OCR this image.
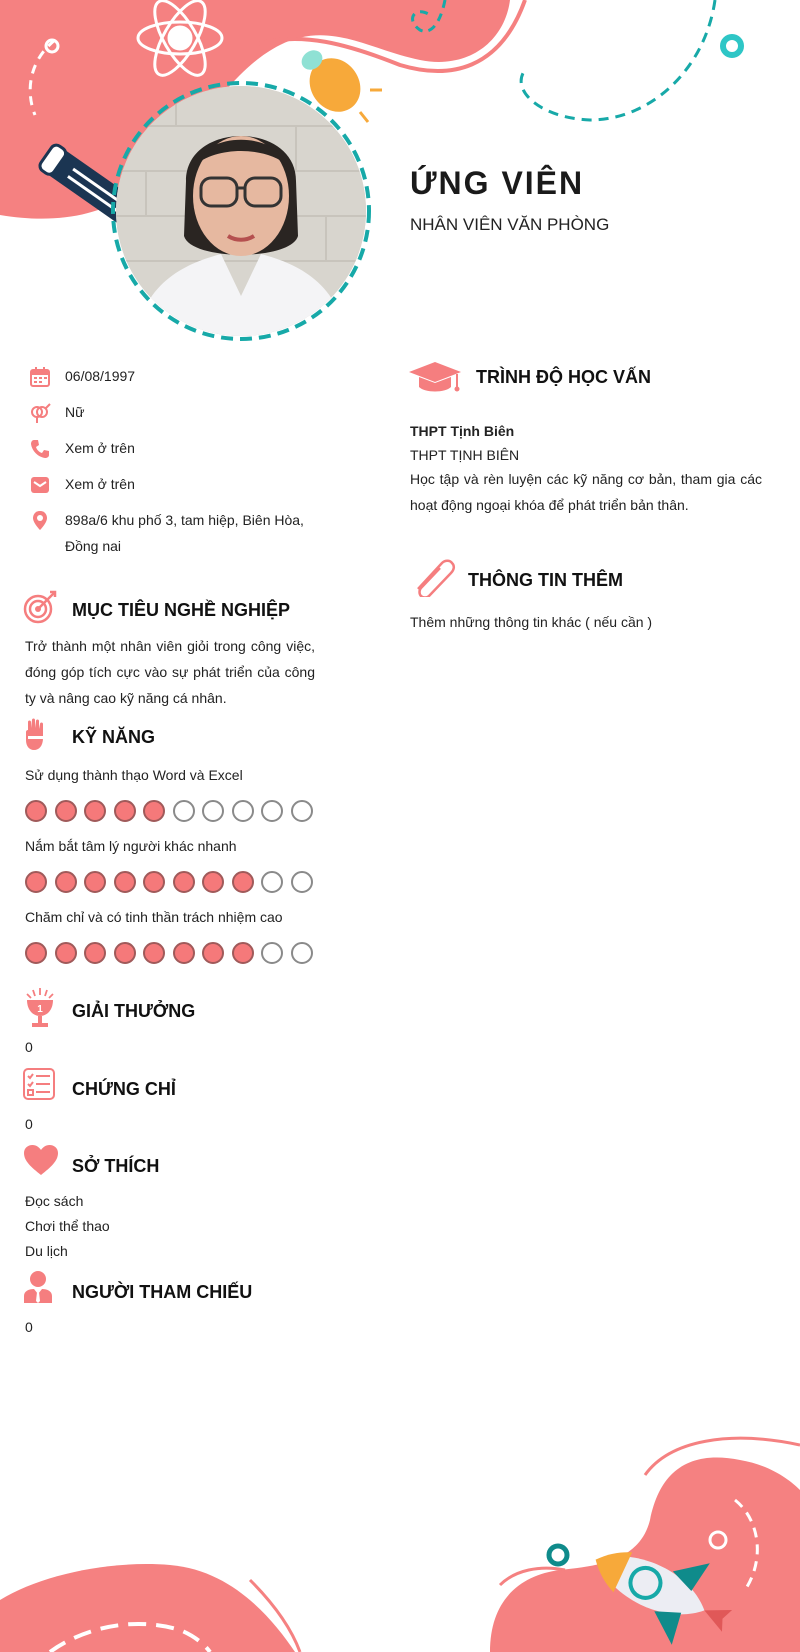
ỨNG VIÊN
NHÂN VIÊN VĂN PHÒNG
06/08/1997
Nữ
Xem ở trên
Xem ở trên
898a/6 khu phố 3, tam hiệp, Biên Hòa, Đồng nai
MỤC TIÊU NGHỀ NGHIỆP
Trở thành một nhân viên giỏi trong công việc, đóng góp tích cực vào sự phát triển của công ty và nâng cao kỹ năng cá nhân.
KỸ NĂNG
Sử dụng thành thạo Word và Excel
Nắm bắt tâm lý người khác nhanh
Chăm chỉ và có tinh thần trách nhiệm cao
1 GIẢI THƯỞNG
0
CHỨNG CHỈ
0
SỞ THÍCH
Đọc sách
Chơi thể thao
Du lịch
NGƯỜI THAM CHIẾU
0
TRÌNH ĐỘ HỌC VẤN
THPT Tịnh Biên
THPT TỊNH BIÊN
Học tập và rèn luyện các kỹ năng cơ bản, tham gia các hoạt động ngoại khóa để phát triển bản thân.
THÔNG TIN THÊM
Thêm những thông tin khác ( nếu cần )
